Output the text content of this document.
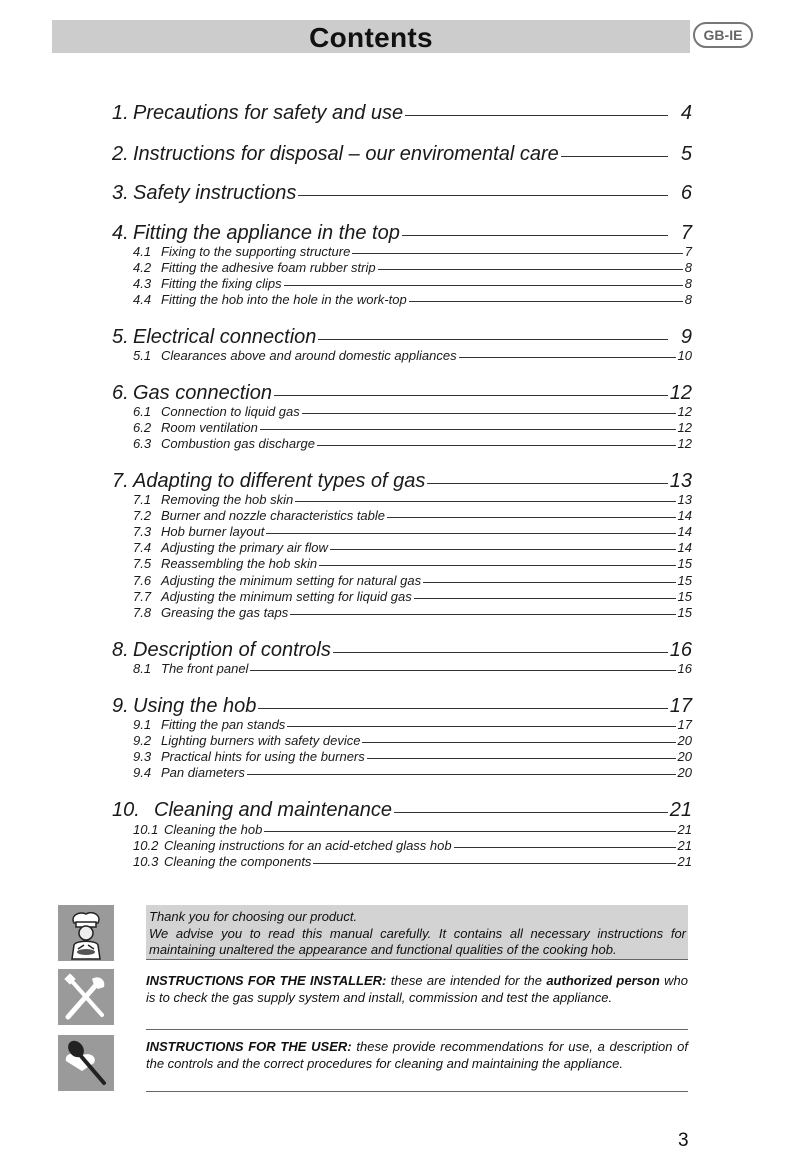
Contents	GB-IE
1. Precautions for safety and use	4
2. Instructions for disposal – our enviromental care	5
3. Safety instructions	6
4. Fitting the appliance in the top	7
4.1 Fixing to the supporting structure	7
4.2 Fitting the adhesive foam rubber strip	8
4.3 Fitting the fixing clips	8
4.4 Fitting the hob into the hole in the work-top	8
5. Electrical connection	9
5.1 Clearances above and around domestic appliances	10
6. Gas connection	12
6.1 Connection to liquid gas	12
6.2 Room ventilation	12
6.3 Combustion gas discharge	12
7. Adapting to different types of gas	13
7.1 Removing the hob skin	13
7.2 Burner and nozzle characteristics table	14
7.3 Hob burner layout	14
7.4 Adjusting the primary air flow	14
7.5 Reassembling the hob skin	15
7.6 Adjusting the minimum setting for natural gas	15
7.7 Adjusting the minimum setting for liquid gas	15
7.8 Greasing the gas taps	15
8. Description of controls	16
8.1 The front panel	16
9. Using the hob	17
9.1 Fitting the pan stands	17
9.2 Lighting burners with safety device	20
9.3 Practical hints for using the burners	20
9.4 Pan diameters	20
10. Cleaning and maintenance	21
10.1 Cleaning the hob	21
10.2 Cleaning instructions for an acid-etched glass hob	21
10.3 Cleaning the components	21
Thank you for choosing our product.
We advise you to read this manual carefully. It contains all necessary instructions for maintaining unaltered the appearance and functional qualities of the cooking hob.
INSTRUCTIONS FOR THE INSTALLER: these are intended for the authorized person who is to check the gas supply system and install, commission and test the appliance.
INSTRUCTIONS FOR THE USER: these provide recommendations for use, a description of the controls and the correct procedures for cleaning and maintaining the appliance.
3
